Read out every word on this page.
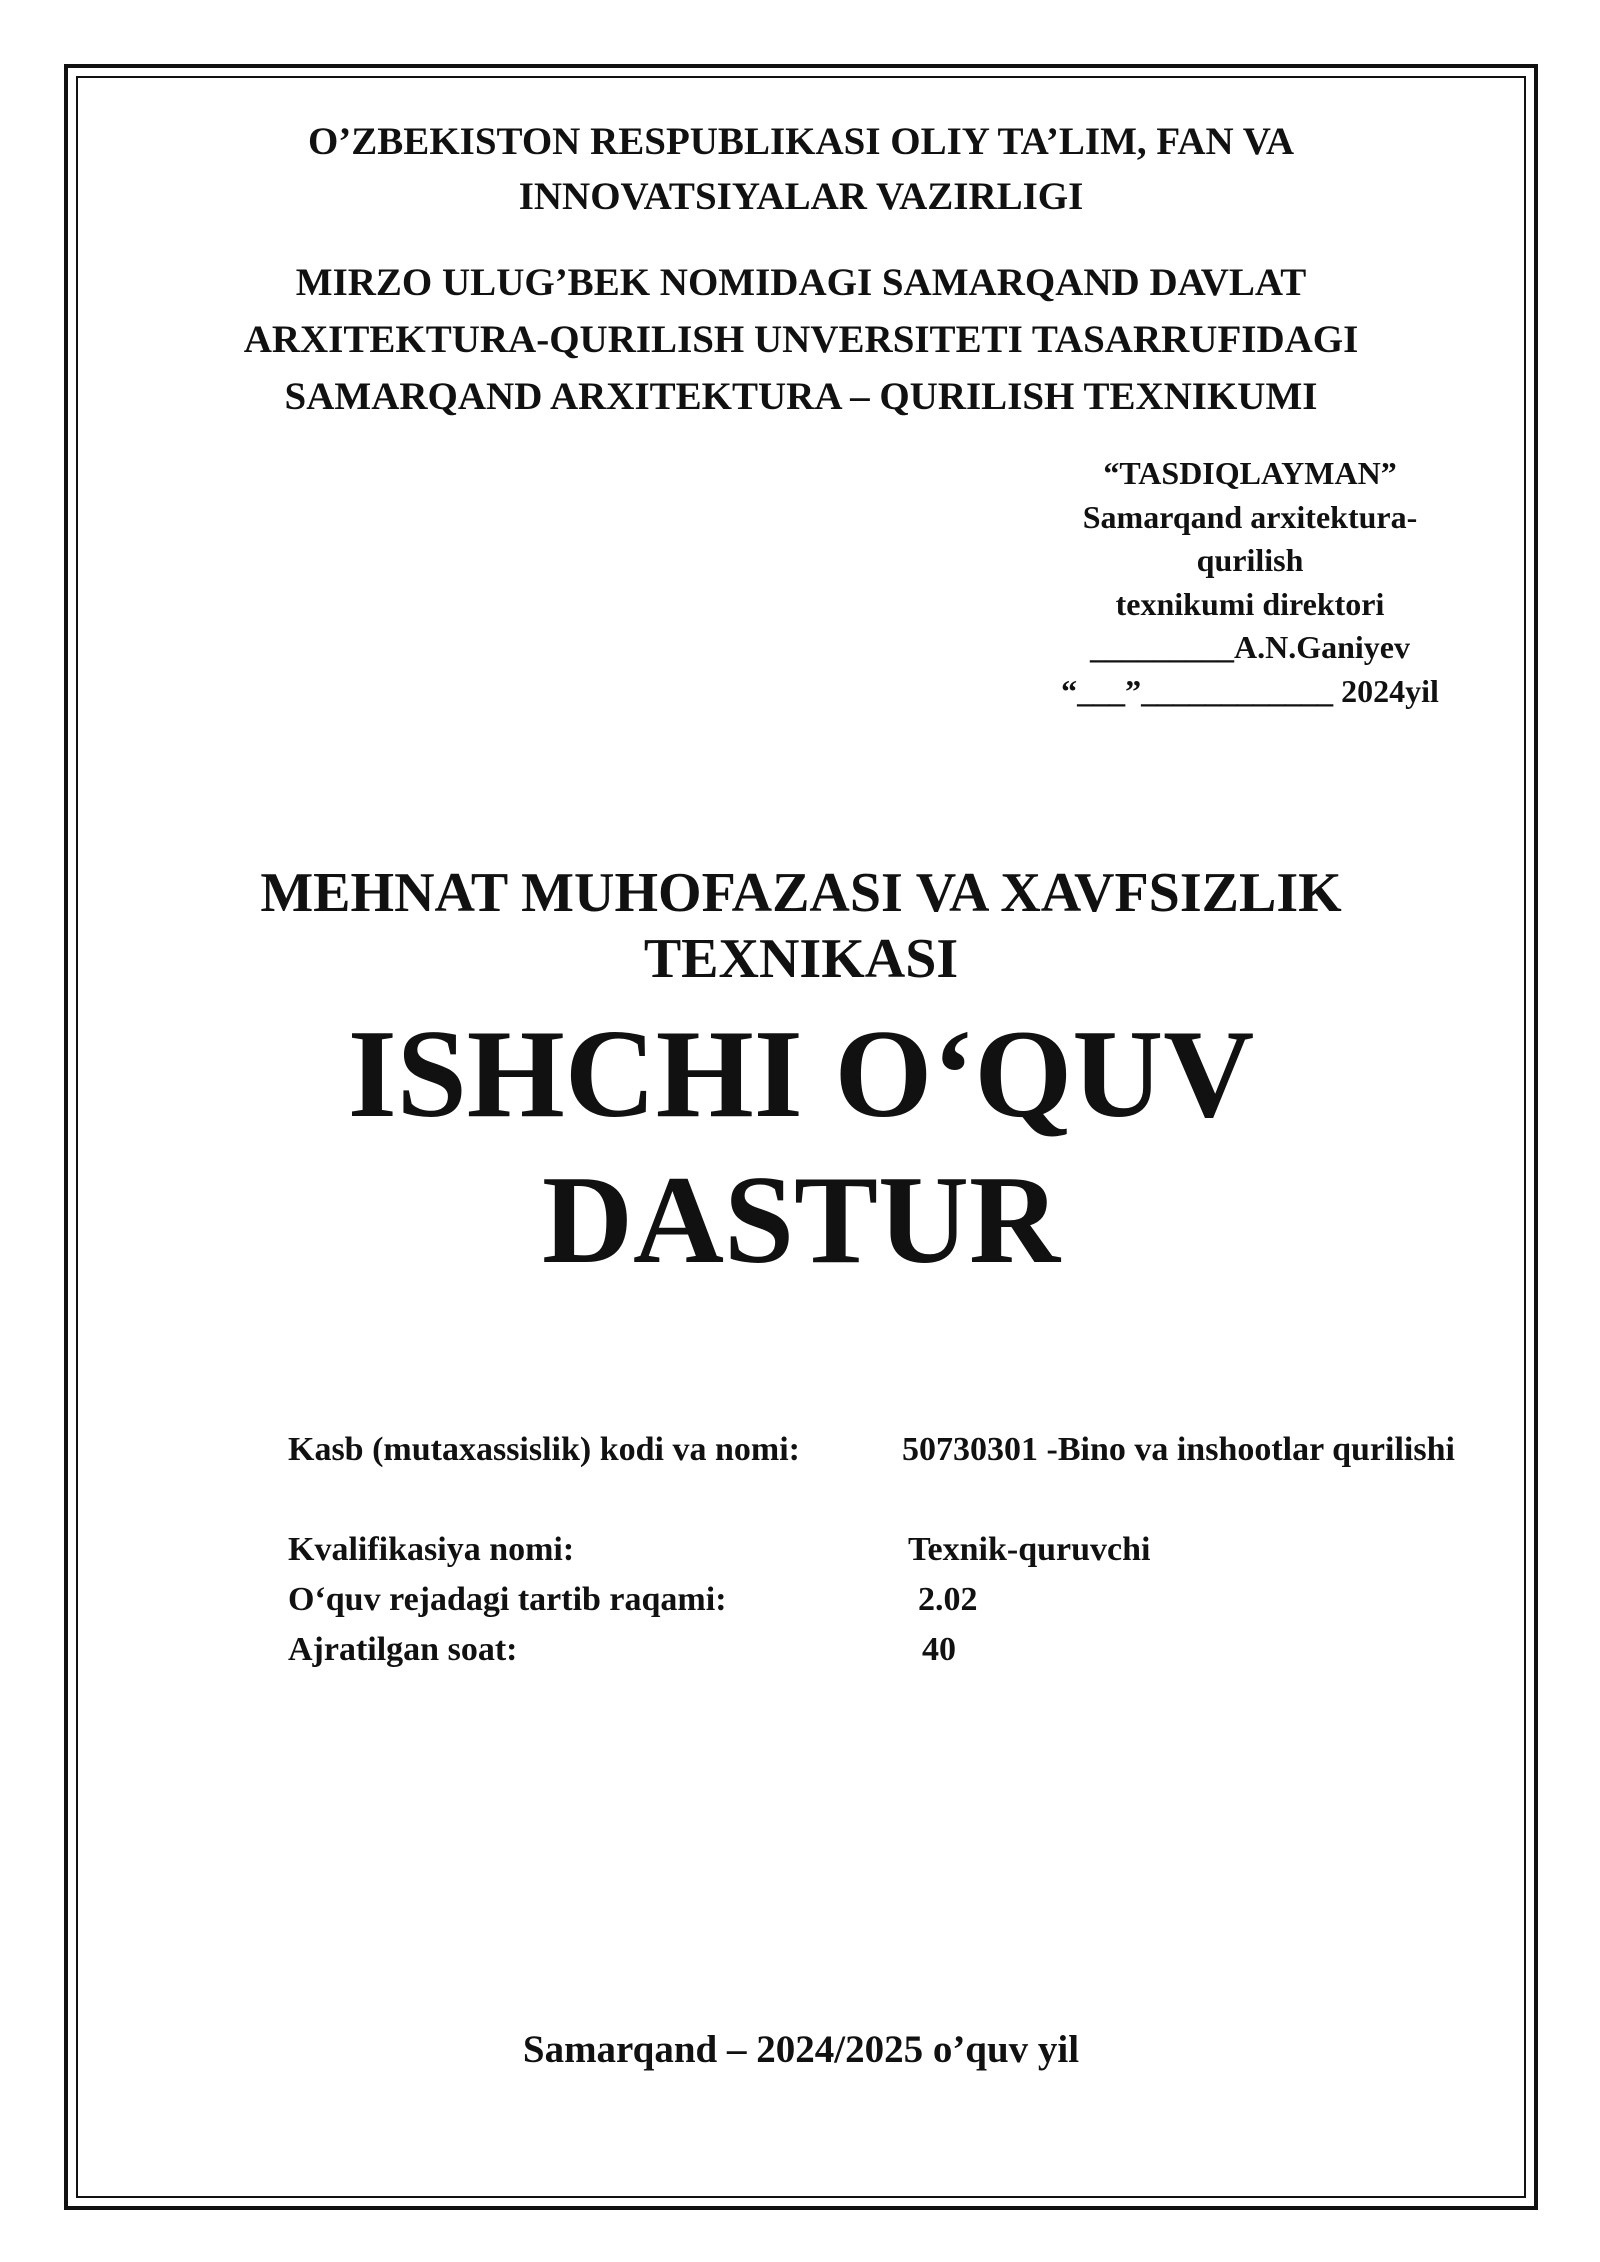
O’ZBEKISTON RESPUBLIKASI OLIY TA’LIM, FAN VA
INNOVATSIYALAR VAZIRLIGI
MIRZO ULUG’BEK NOMIDAGI SAMARQAND DAVLAT
ARXITEKTURA-QURILISH UNVERSITETI TASARRUFIDAGI
SAMARQAND ARXITEKTURA – QURILISH TEXNIKUMI
“TASDIQLAYMAN”
Samarqand arxitektura-
qurilish
texnikumi direktori
_________A.N.Ganiyev
“___”____________ 2024yil
MEHNAT MUHOFAZASI VA XAVFSIZLIK
TEXNIKASI
ISHCHI O‘QUV
DASTUR
Kasb (mutaxassislik) kodi va nomi:	50730301 -Bino va inshootlar qurilishi
Kvalifikasiya nomi:	Texnik-quruvchi
O‘quv rejadagi tartib raqami:	2.02
Ajratilgan soat:	40
Samarqand – 2024/2025 o’quv yil
